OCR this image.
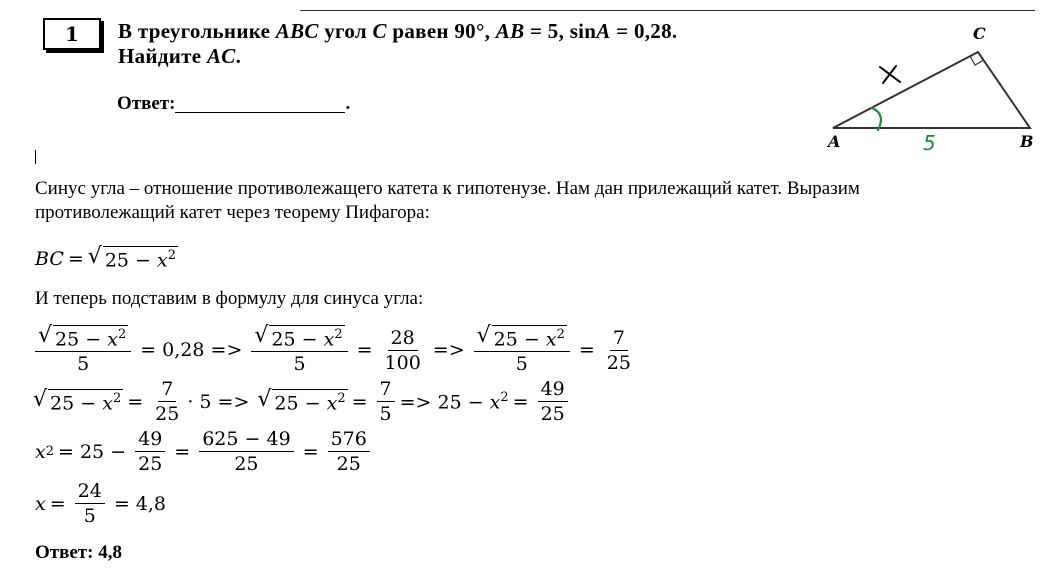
1	В треугольнике ABC угол C равен 90°, AB = 5, sinA = 0,28.
Найдите AC.
Ответ:	.
A	B
C
5
Синус угла – отношение противолежащего катета к гипотенузе. Нам дан прилежащий катет. Выразим
противолежащий катет через теорему Пифагора:
BC = √ $25 - x^2$
И теперь подставим в формулу для синуса угла:
$\frac{√ 25 - x^2}{5} = 0,28 => \frac{√ 25 - x^2}{5} = \frac{28}{100} => \frac{√ 25 - x^2}{5} = \frac{7}{25}$
√ $25 - x^2 = \frac{7}{25} \cdot 5$ => √ $25 - x^2 = \frac{7}{5} => 25 - x^2 = \frac{49}{25}$
x $2 = 25 - \frac{49}{25} = \frac{625 - 49}{25} = \frac{576}{25}$
$x = \frac{24}{5} = 4,8$
Ответ: 4,8
